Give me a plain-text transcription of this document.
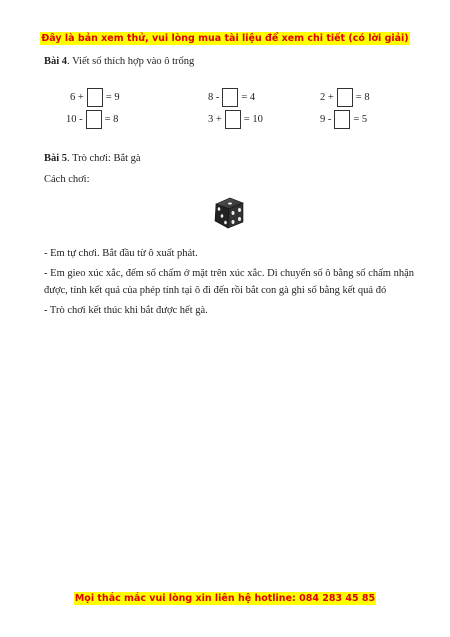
Đây là bản xem thử, vui lòng mua tài liệu để xem chi tiết (có lời giải)
Bài 4. Viết số thích hợp vào ô trống
6 + = 9	8 - = 4	2 + = 8
10 - = 8	3 + = 10	9 - = 5
Bài 5. Trò chơi: Bắt gà
Cách chơi:
- Em tự chơi. Bắt đầu từ ô xuất phát.
- Em gieo xúc xắc, đếm số chấm ở mặt trên xúc xắc. Di chuyển số ô bằng số chấm nhận được, tính kết quả của phép tính tại ô đi đến rồi bắt con gà ghi số bằng kết quả đó
- Trò chơi kết thúc khi bắt được hết gà.
Mọi thắc mắc vui lòng xin liên hệ hotline: 084 283 45 85
